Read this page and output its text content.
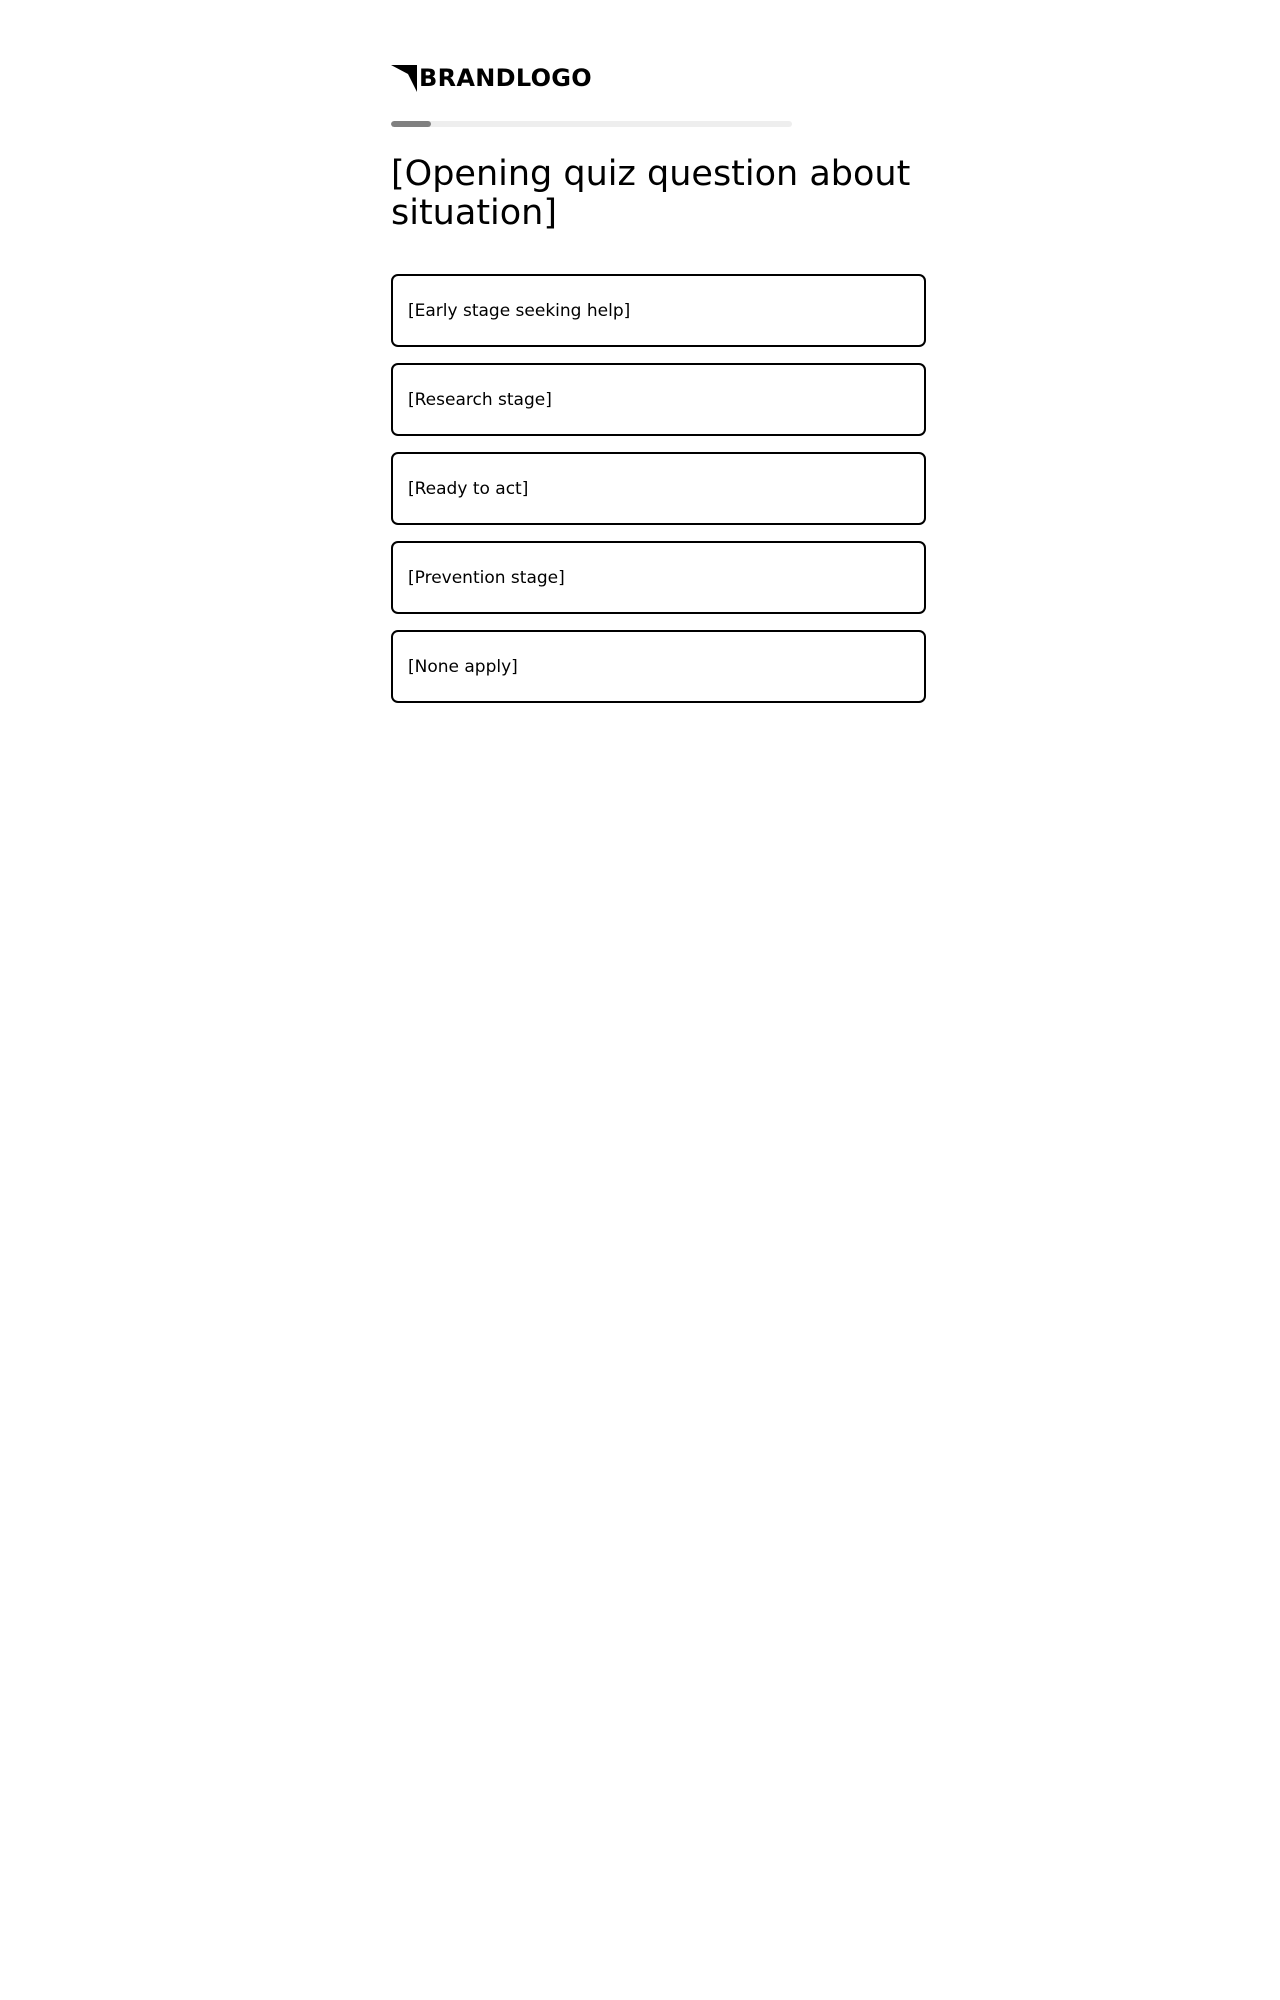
BRANDLOGO
[Opening quiz question about situation]
[Early stage seeking help]
[Research stage]
[Ready to act]
[Prevention stage]
[None apply]
